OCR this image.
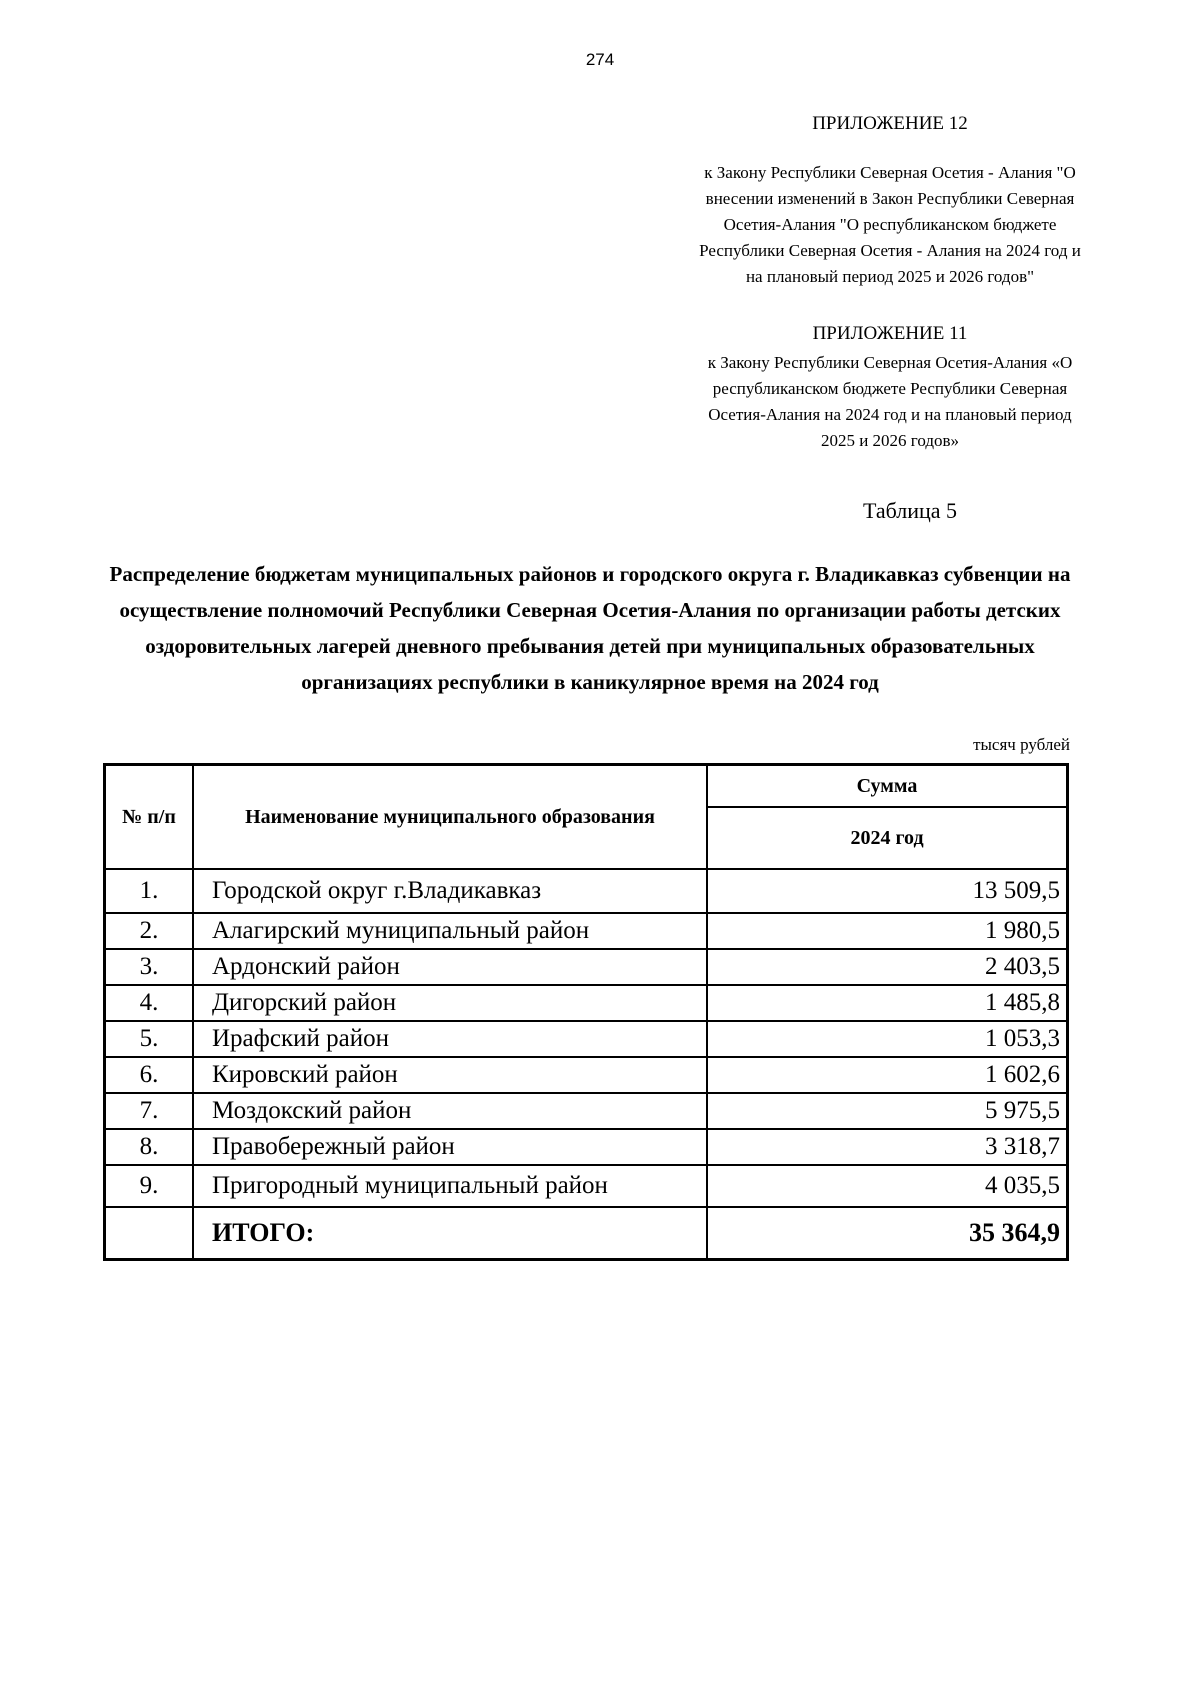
274
ПРИЛОЖЕНИЕ 12
к Закону Республики Северная Осетия - Алания "О внесении изменений в Закон Республики Северная Осетия-Алания "О республиканском бюджете Республики Северная Осетия - Алания на 2024 год и на плановый период 2025 и 2026 годов"
ПРИЛОЖЕНИЕ 11
к Закону Республики Северная Осетия-Алания «О республиканском бюджете Республики Северная Осетия-Алания на 2024 год и на плановый период 2025 и 2026 годов»
Таблица 5
Распределение бюджетам муниципальных районов и городского округа г. Владикавказ субвенции на осуществление полномочий Республики Северная Осетия-Алания по организации работы детских оздоровительных лагерей дневного пребывания детей при муниципальных образовательных организациях республики в каникулярное время на 2024 год
тысяч рублей
№ п/п	Наименование муниципального образования	Сумма
		2024 год
1.	Городской округ г.Владикавказ	13 509,5
2.	Алагирский муниципальный район	1 980,5
3.	Ардонский район	2 403,5
4.	Дигорский район	1 485,8
5.	Ирафский район	1 053,3
6.	Кировский район	1 602,6
7.	Моздокский район	5 975,5
8.	Правобережный район	3 318,7
9.	Пригородный муниципальный район	4 035,5
	ИТОГО:	35 364,9
